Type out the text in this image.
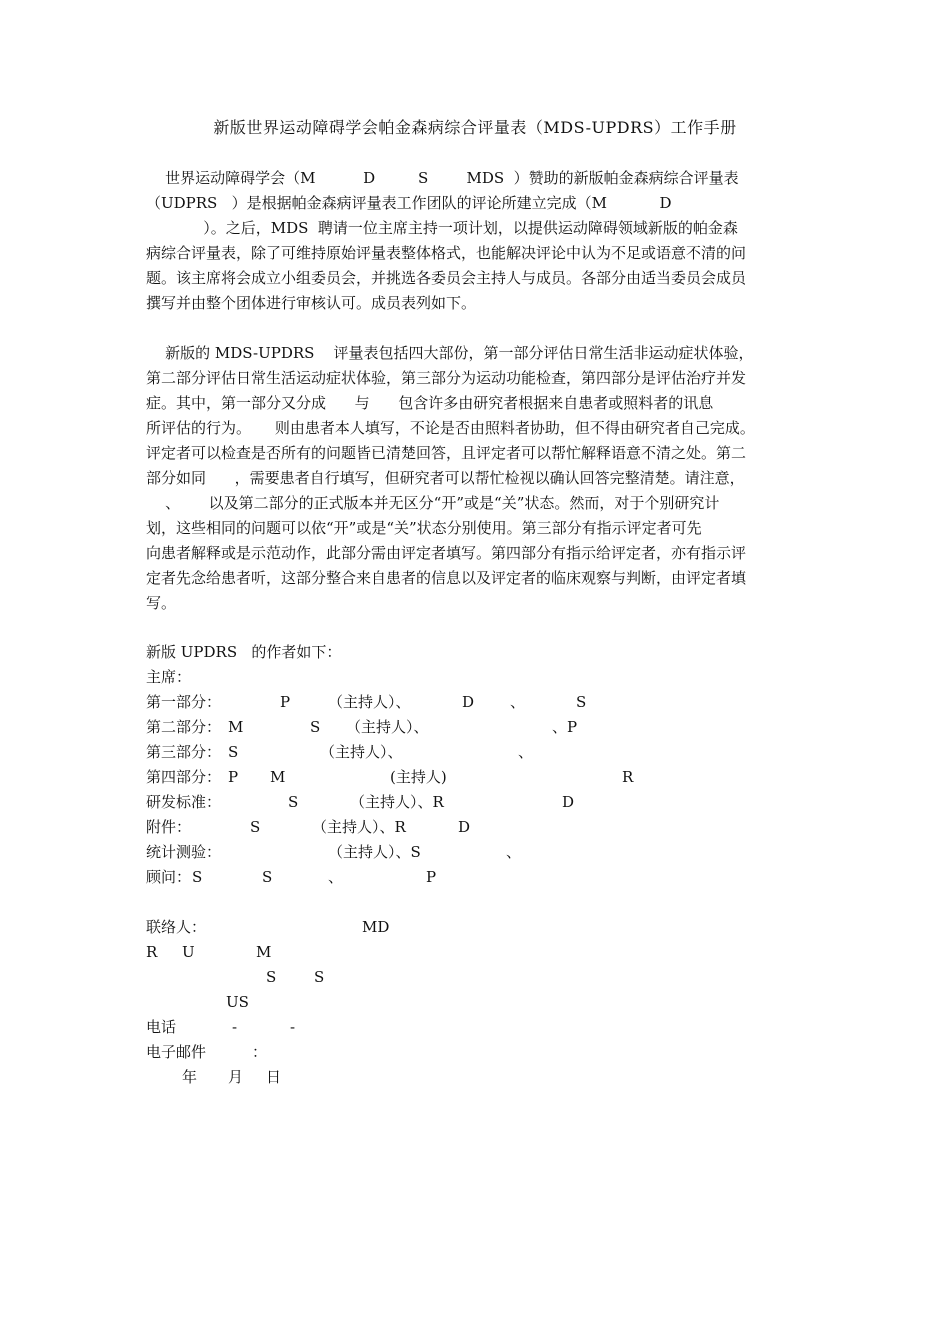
新版世界运动障碍学会帕金森病综合评量表（MDS-UPDRS）工作手册

世界运动障碍学会（M          D         S        MDS  ）赞助的新版帕金森病综合评量表
（UDPRS   ）是根据帕金森病评量表工作团队的评论所建立完成（M           D
）。之后，MDS  聘请一位主席主持一项计划，以提供运动障碍领域新版的帕金森
病综合评量表，除了可维持原始评量表整体格式，也能解决评论中认为不足或语意不清的问
题。该主席将会成立小组委员会，并挑选各委员会主持人与成员。各部分由适当委员会成员
撰写并由整个团体进行审核认可。成员表列如下。

新版的 MDS-UPDRS    评量表包括四大部份，第一部分评估日常生活非运动症状体验，
第二部分评估日常生活运动症状体验，第三部分为运动功能检查，第四部分是评估治疗并发
症。其中，第一部分又分成      与      包含许多由研究者根据来自患者或照料者的讯息
所评估的行为。     则由患者本人填写，不论是否由照料者协助，但不得由研究者自己完成。
评定者可以检查是否所有的问题皆已清楚回答，且评定者可以帮忙解释语意不清之处。第二
部分如同      ，需要患者自行填写，但研究者可以帮忙检视以确认回答完整清楚。请注意，
、      以及第二部分的正式版本并无区分“开”或是“关”状态。然而，对于个别研究计
划，这些相同的问题可以依“开”或是“关”状态分别使用。第三部分有指示评定者可先
向患者解释或是示范动作，此部分需由评定者填写。第四部分有指示给评定者，亦有指示评
定者先念给患者听，这部分整合来自患者的信息以及评定者的临床观察与判断，由评定者填
写。

新版 UPDRS   的作者如下：
主席：
第一部分：	P	（主持人）、	D 、	S
第二部分： M	S （主持人）、	、P
第三部分： S	（主持人）、	、
第四部分： P M	(主持人)	R
研发标准：	S	（主持人）、R	D
附件：	S	（主持人）、R	D
统计测验：	（主持人）、S	、
顾问： S	S	、	P
联络人：	MD
R U	M
S	S
US
电话	-	-
电子邮件	：
年 月 日
